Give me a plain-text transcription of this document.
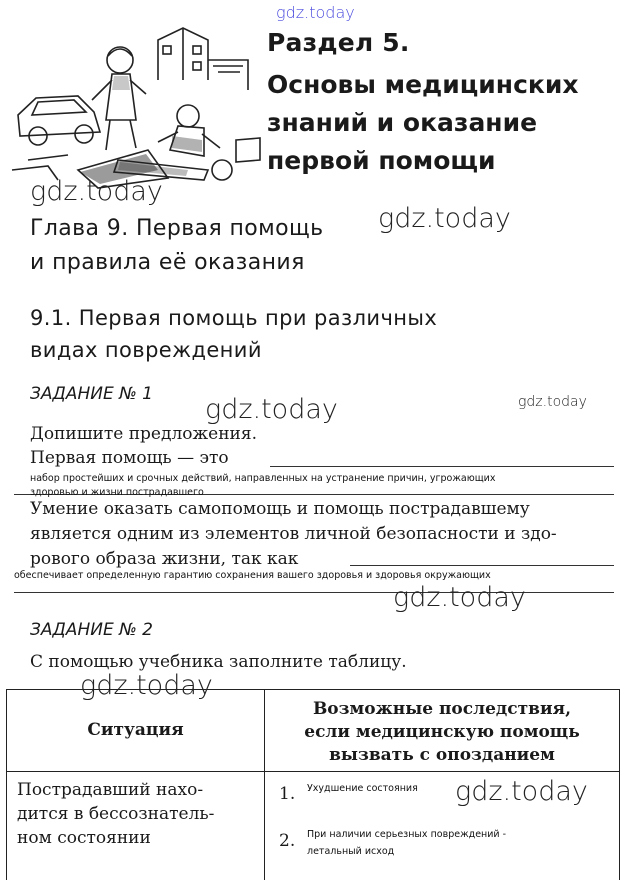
gdz.today
Раздел 5.
Основы медицинских
знаний и оказание
первой помощи
gdz.today
gdz.today
Глава 9. Первая помощь
и правила её оказания
9.1. Первая помощь при различных
видах повреждений
ЗАДАНИЕ № 1 gdz.today	gdz.today
Допишите предложения.
Первая помощь — это
набор простейших и срочных действий, направленных на устранение причин, угрожающих
здоровью и жизни пострадавшего
Умение оказать самопомощь и помощь пострадавшему
является одним из элементов личной безопасности и здо-
рового образа жизни, так как
обеспечивает определенную гарантию сохранения вашего здоровья и здоровья окружающих
gdz.today
ЗАДАНИЕ № 2
С помощью учебника заполните таблицу.
gdz.today
Ситуация
Возможные последствия,
если медицинскую помощь
вызвать с опозданием
Пострадавший нахо-
дится в бессознатель-
ном состоянии
1. Ухудшение состояния
2. При наличии серьезных повреждений -
летальный исход
gdz.today
